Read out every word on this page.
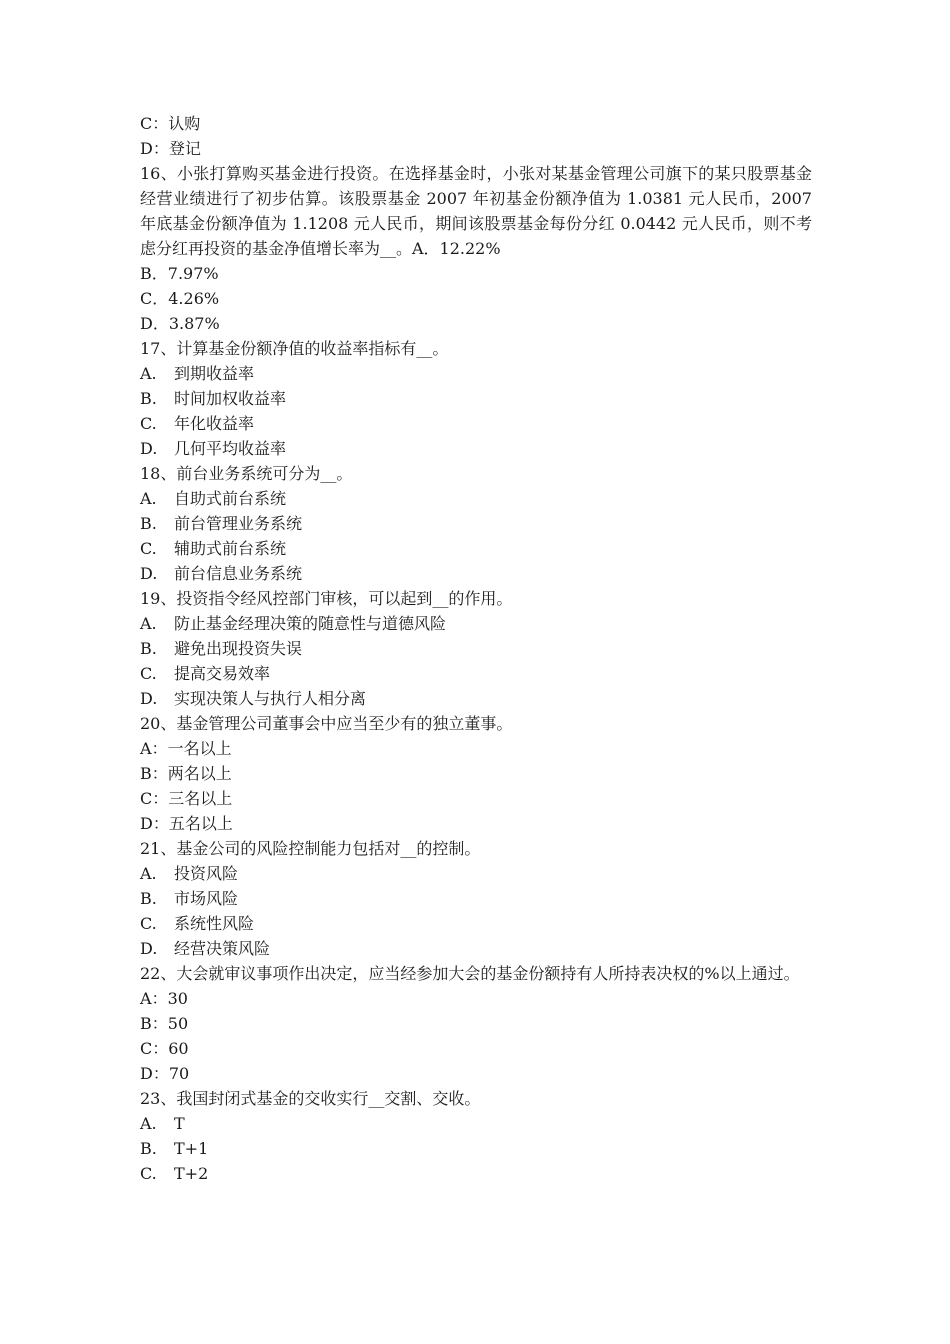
C：认购
D：登记
16、小张打算购买基金进行投资。在选择基金时，小张对某基金管理公司旗下的某只股票基金经营业绩进行了初步估算。该股票基金 2007 年初基金份额净值为 1.0381 元人民币，2007 年底基金份额净值为 1.1208 元人民币，期间该股票基金每份分红 0.0442 元人民币，则不考虑分红再投资的基金净值增长率为__。A．12.22%
B．7.97%
C．4.26%
D．3.87%
17、计算基金份额净值的收益率指标有__。
A. 到期收益率
B. 时间加权收益率
C. 年化收益率
D. 几何平均收益率
18、前台业务系统可分为__。
A. 自助式前台系统
B. 前台管理业务系统
C. 辅助式前台系统
D. 前台信息业务系统
19、投资指令经风控部门审核，可以起到__的作用。
A. 防止基金经理决策的随意性与道德风险
B. 避免出现投资失误
C. 提高交易效率
D. 实现决策人与执行人相分离
20、基金管理公司董事会中应当至少有的独立董事。
A：一名以上
B：两名以上
C：三名以上
D：五名以上
21、基金公司的风险控制能力包括对__的控制。
A. 投资风险
B. 市场风险
C. 系统性风险
D. 经营决策风险
22、大会就审议事项作出决定，应当经参加大会的基金份额持有人所持表决权的%以上通过。
A：30
B：50
C：60
D：70
23、我国封闭式基金的交收实行__交割、交收。
A. T
B. T+1
C. T+2
